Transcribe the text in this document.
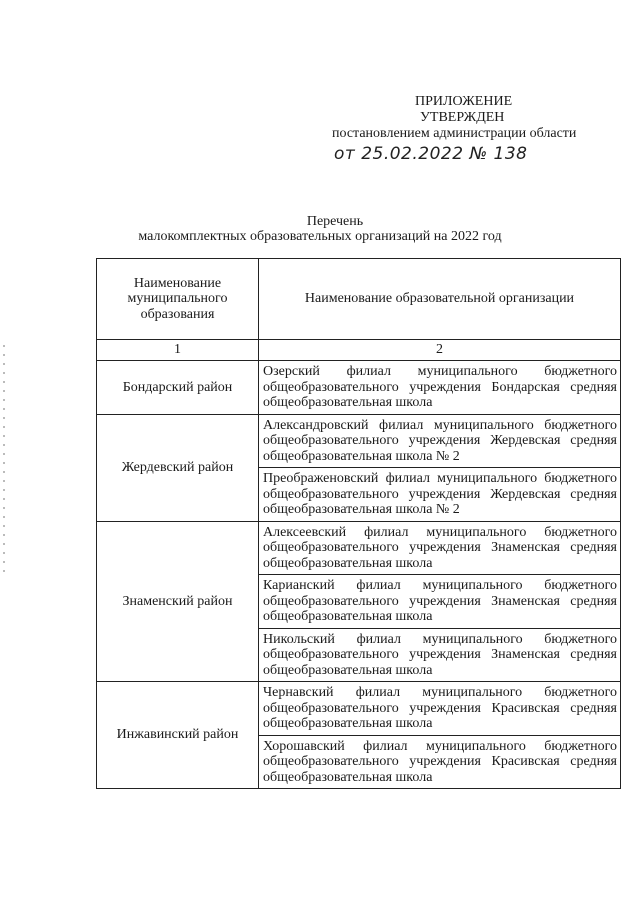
ПРИЛОЖЕНИЕ
УТВЕРЖДЕН
постановлением администрации области
от 25.02.2022 № 138
Перечень
малокомплектных образовательных организаций на 2022 год
Наименование муниципального образования	Наименование образовательной организации
1	2
Бондарский район	Озерский филиал муниципального бюджетного общеобразовательного учреждения Бондарская средняя общеобразовательная школа

Жердевский район	Александровский филиал муниципального бюджетного общеобразовательного учреждения Жердевская средняя общеобразовательная школа № 2

	Преображеновский филиал муниципального бюджетного общеобразовательного учреждения Жердевская средняя общеобразовательная школа № 2

Знаменский район	Алексеевский филиал муниципального бюджетного общеобразовательного учреждения Знаменская средняя общеобразовательная школа

	Карианский филиал муниципального бюджетного общеобразовательного учреждения Знаменская средняя общеобразовательная школа

	Никольский филиал муниципального бюджетного общеобразовательного учреждения Знаменская средняя общеобразовательная школа

Инжавинский район	Чернавский филиал муниципального бюджетного общеобразовательного учреждения Красивская средняя общеобразовательная школа

	Хорошавский филиал муниципального бюджетного общеобразовательного учреждения Красивская средняя общеобразовательная школа
